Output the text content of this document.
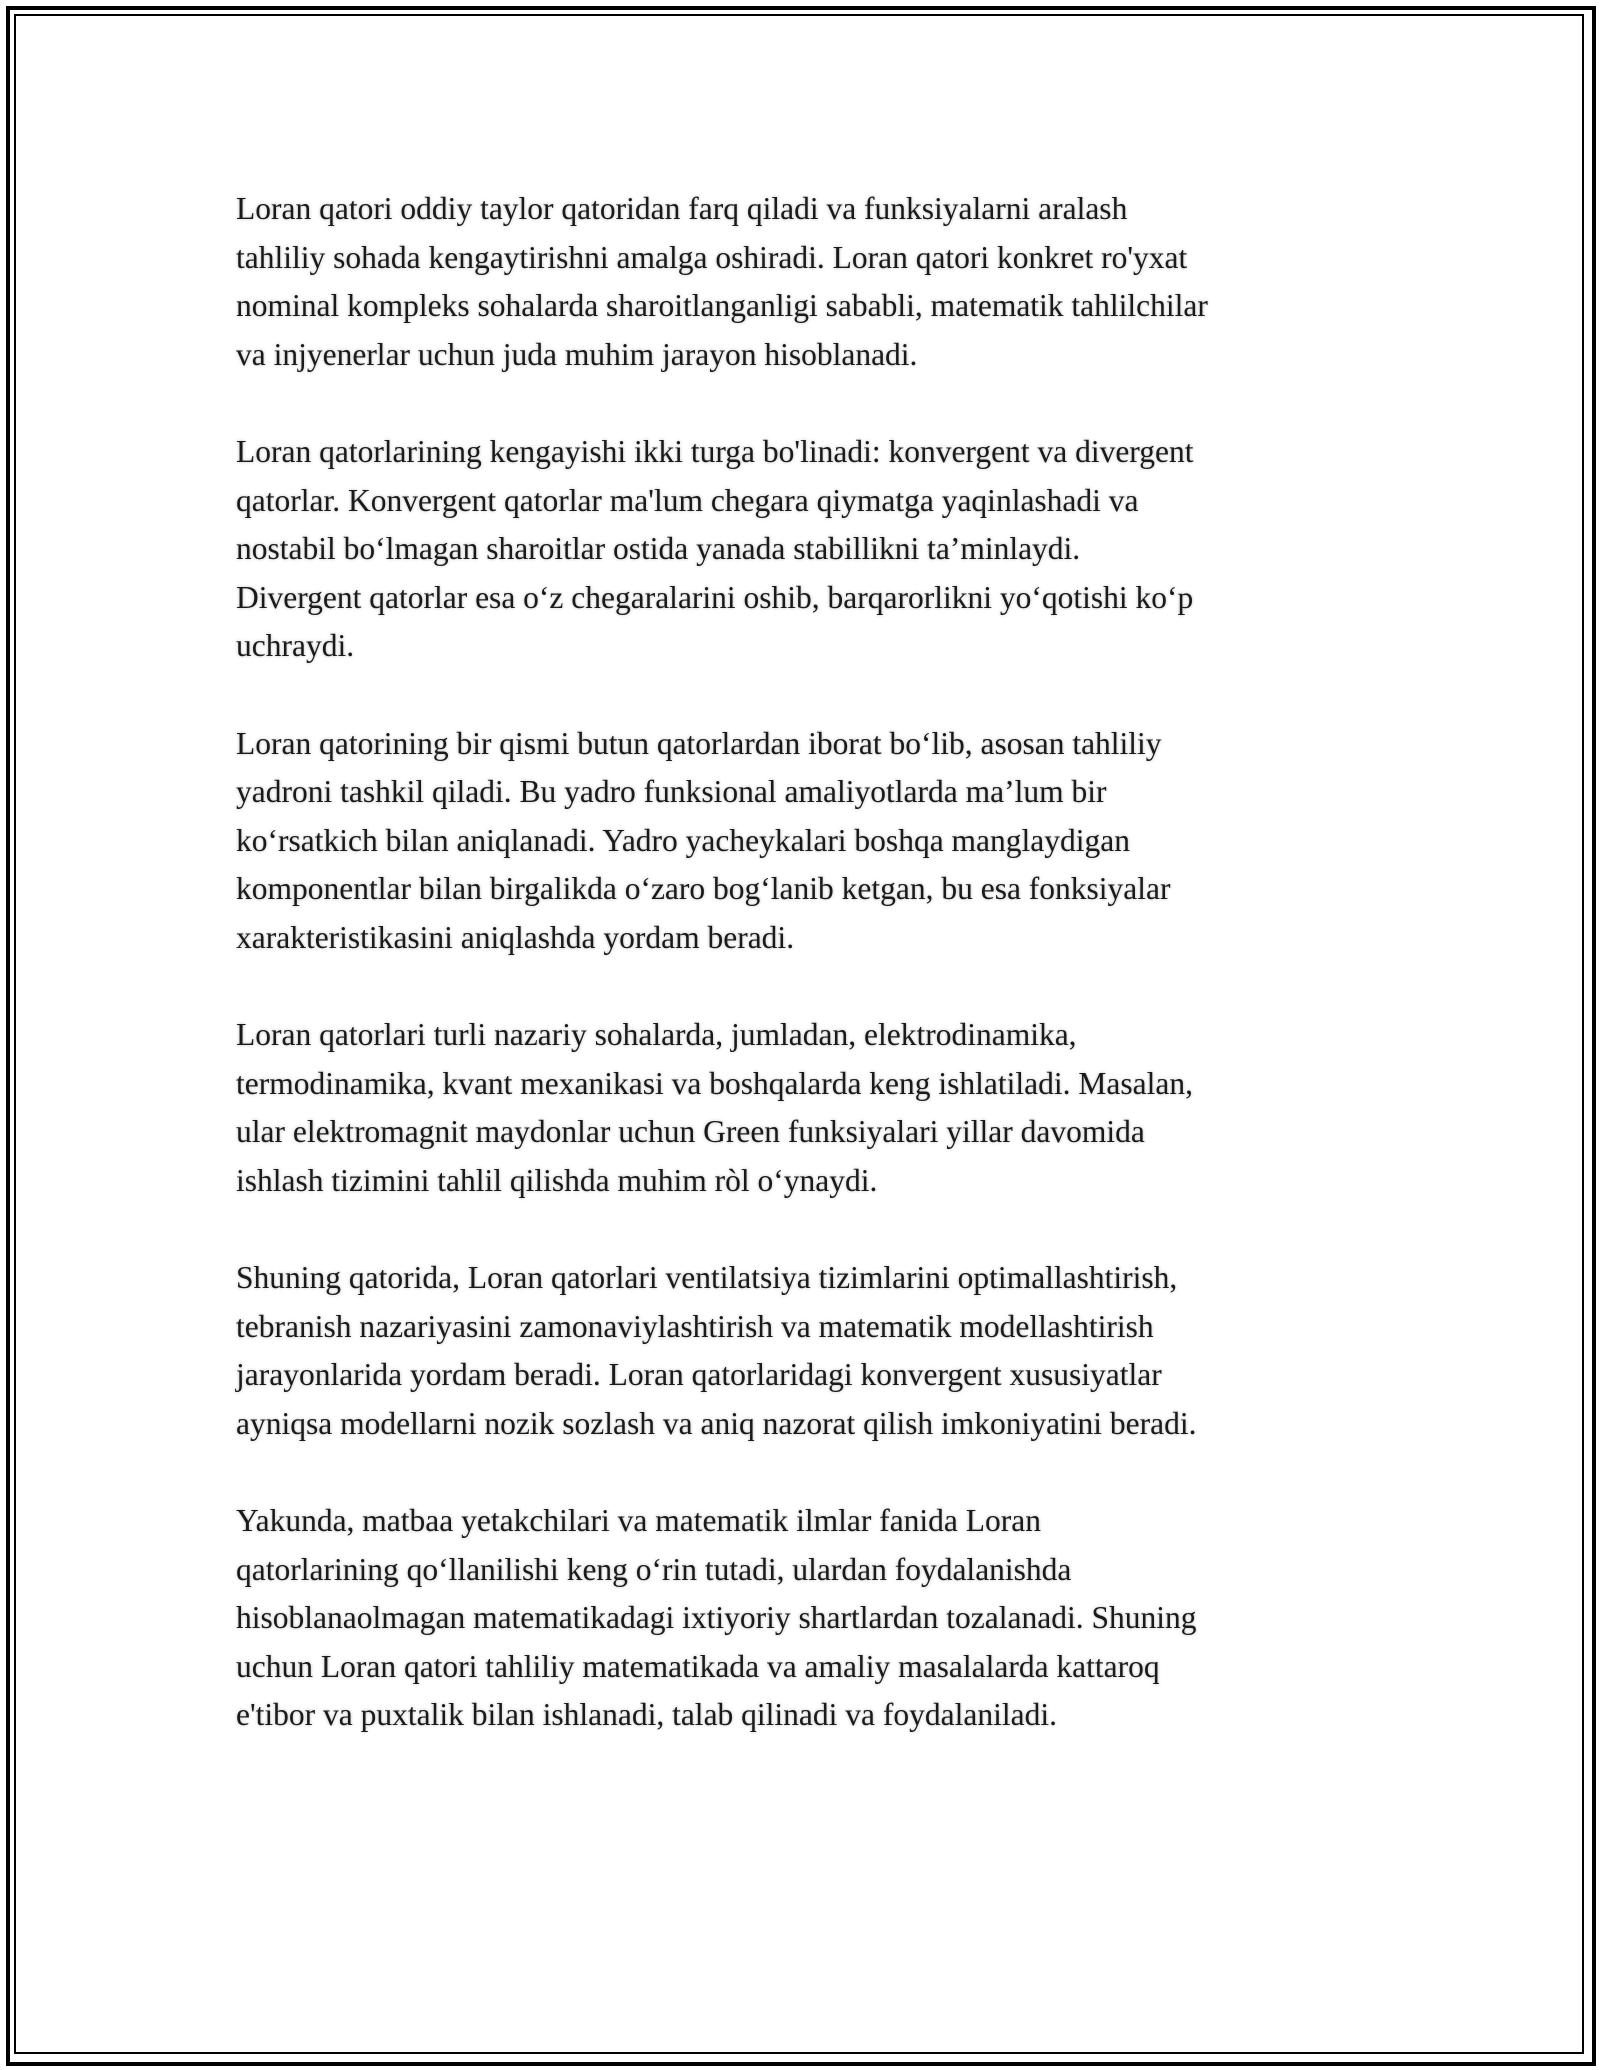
Loran qatori oddiy taylor qatoridan farq qiladi va funksiyalarni aralash
tahliliy sohada kengaytirishni amalga oshiradi. Loran qatori konkret ro'yxat
nominal kompleks sohalarda sharoitlanganligi sababli, matematik tahlilchilar
va injyenerlar uchun juda muhim jarayon hisoblanadi.

Loran qatorlarining kengayishi ikki turga bo'linadi: konvergent va divergent
qatorlar. Konvergent qatorlar ma'lum chegara qiymatga yaqinlashadi va
nostabil bo‘lmagan sharoitlar ostida yanada stabillikni ta’minlaydi.
Divergent qatorlar esa o‘z chegaralarini oshib, barqarorlikni yo‘qotishi ko‘p
uchraydi.

Loran qatorining bir qismi butun qatorlardan iborat bo‘lib, asosan tahliliy
yadroni tashkil qiladi. Bu yadro funksional amaliyotlarda ma’lum bir
ko‘rsatkich bilan aniqlanadi. Yadro yacheykalari boshqa manglaydigan
komponentlar bilan birgalikda o‘zaro bog‘lanib ketgan, bu esa fonksiyalar
xarakteristikasini aniqlashda yordam beradi.

Loran qatorlari turli nazariy sohalarda, jumladan, elektrodinamika,
termodinamika, kvant mexanikasi va boshqalarda keng ishlatiladi. Masalan,
ular elektromagnit maydonlar uchun Green funksiyalari yillar davomida
ishlash tizimini tahlil qilishda muhim ròl o‘ynaydi.

Shuning qatorida, Loran qatorlari ventilatsiya tizimlarini optimallashtirish,
tebranish nazariyasini zamonaviylashtirish va matematik modellashtirish
jarayonlarida yordam beradi. Loran qatorlaridagi konvergent xususiyatlar
ayniqsa modellarni nozik sozlash va aniq nazorat qilish imkoniyatini beradi.

Yakunda, matbaa yetakchilari va matematik ilmlar fanida Loran
qatorlarining qo‘llanilishi keng o‘rin tutadi, ulardan foydalanishda
hisoblanaolmagan matematikadagi ixtiyoriy shartlardan tozalanadi. Shuning
uchun Loran qatori tahliliy matematikada va amaliy masalalarda kattaroq
e'tibor va puxtalik bilan ishlanadi, talab qilinadi va foydalaniladi.
